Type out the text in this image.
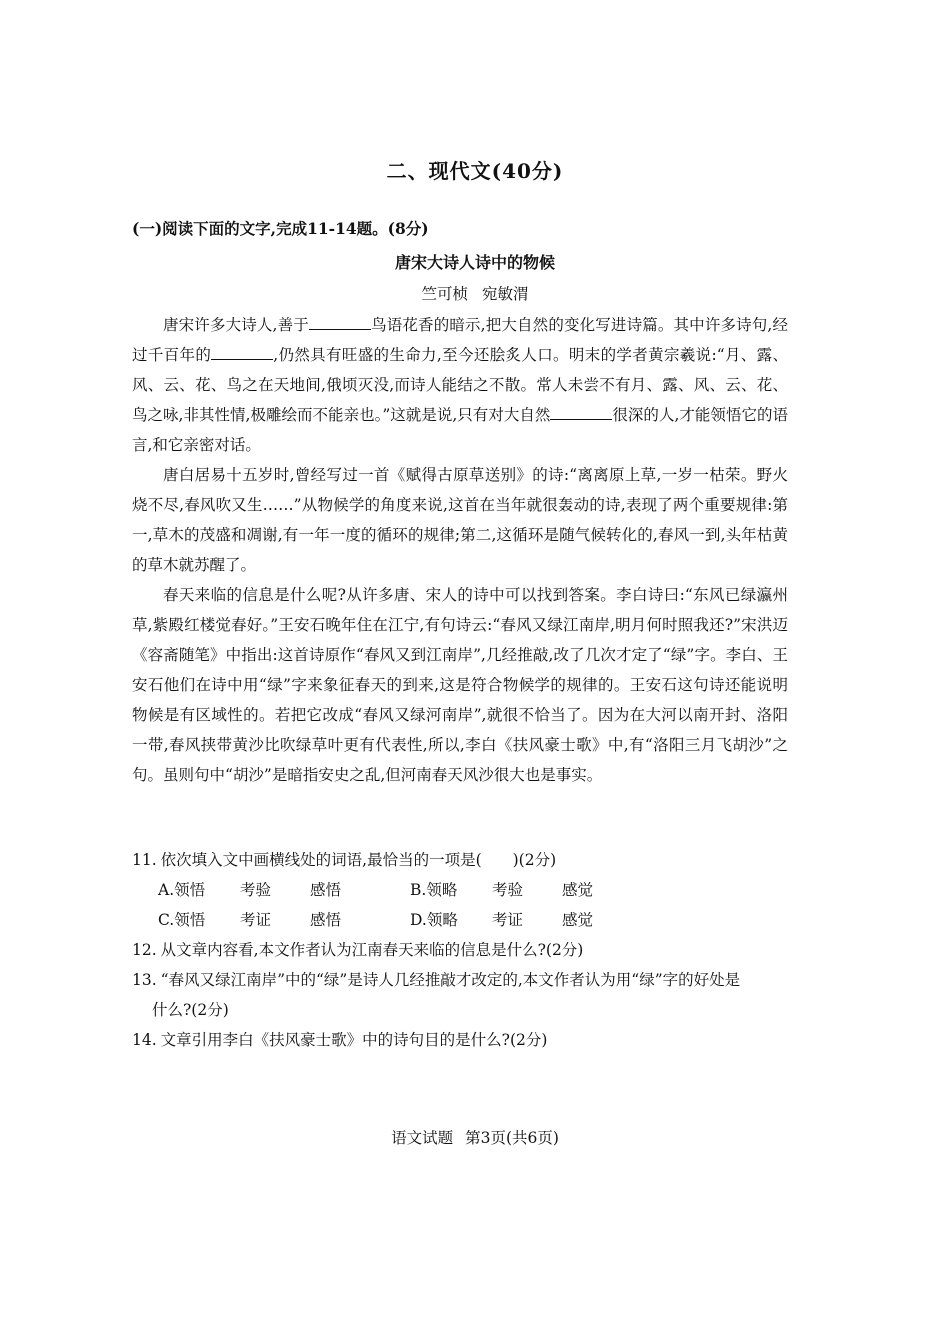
二、现代文(40分)
(一)阅读下面的文字,完成11-14题。(8分)
唐宋大诗人诗中的物候
竺可桢 宛敏渭

唐宋许多大诗人,善于	鸟语花香的暗示,把大自然的变化写进诗篇。其中许多诗句,经过千百年的	,仍然具有旺盛的生命力,至今还脍炙人口。明末的学者黄宗羲说:“月、露、风、云、花、鸟之在天地间,俄顷灭没,而诗人能结之不散。常人未尝不有月、露、风、云、花、鸟之咏,非其性情,极雕绘而不能亲也。”这就是说,只有对大自然	很深的人,才能领悟它的语言,和它亲密对话。

唐白居易十五岁时,曾经写过一首《赋得古原草送别》的诗:“离离原上草,一岁一枯荣。野火烧不尽,春风吹又生……”从物候学的角度来说,这首在当年就很轰动的诗,表现了两个重要规律:第一,草木的茂盛和凋谢,有一年一度的循环的规律;第二,这循环是随气候转化的,春风一到,头年枯黄的草木就苏醒了。

春天来临的信息是什么呢?从许多唐、宋人的诗中可以找到答案。李白诗曰:“东风已绿瀛州草,紫殿红楼觉春好。”王安石晚年住在江宁,有句诗云:“春风又绿江南岸,明月何时照我还?”宋洪迈《容斋随笔》中指出:这首诗原作“春风又到江南岸”,几经推敲,改了几次才定了“绿”字。李白、王安石他们在诗中用“绿”字来象征春天的到来,这是符合物候学的规律的。王安石这句诗还能说明物候是有区域性的。若把它改成“春风又绿河南岸”,就很不恰当了。因为在大河以南开封、洛阳一带,春风挟带黄沙比吹绿草叶更有代表性,所以,李白《扶风豪士歌》中,有“洛阳三月飞胡沙”之句。虽则句中“胡沙”是暗指安史之乱,但河南春天风沙很大也是事实。

11. 依次填入文中画横线处的词语,最恰当的一项是(　　)(2分)

A.领悟	考验	感悟	B.领略	考验	感觉
C.领悟	考证	感悟	D.领略	考证	感觉

12. 从文章内容看,本文作者认为江南春天来临的信息是什么?(2分)

13. “春风又绿江南岸”中的“绿”是诗人几经推敲才改定的,本文作者认为用“绿”字的好处是

什么?(2分)

14. 文章引用李白《扶风豪士歌》中的诗句目的是什么?(2分)

语文试题 第3页(共6页)
